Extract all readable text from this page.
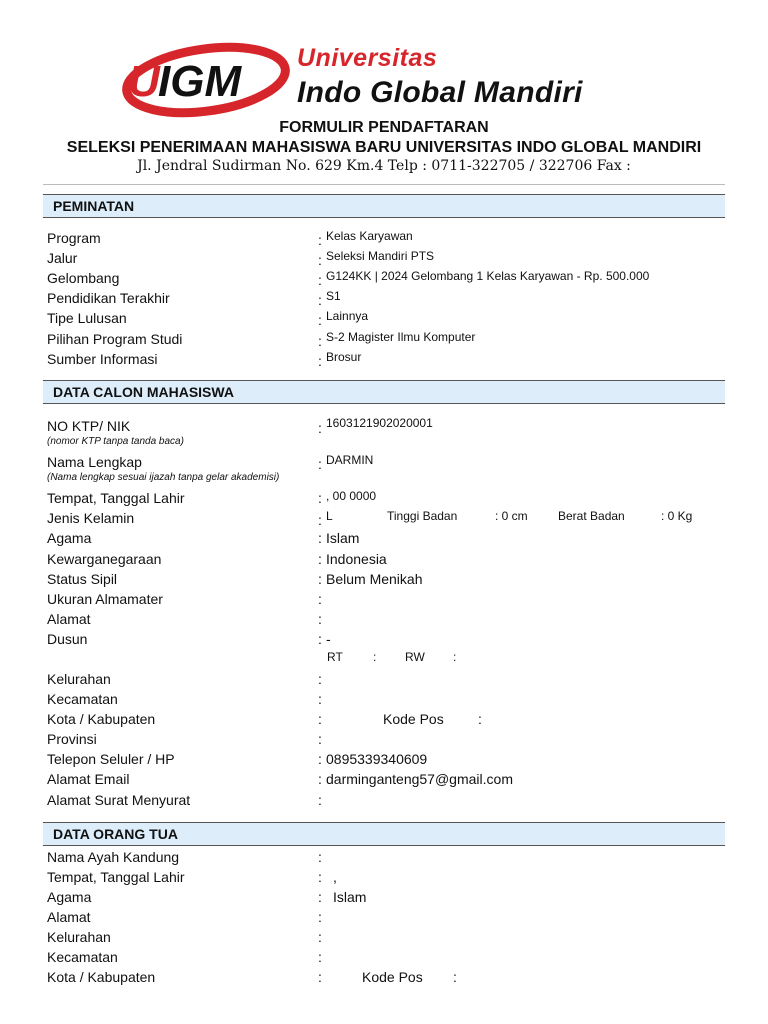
U
IGM Universitas
Indo Global Mandiri
FORMULIR PENDAFTARAN
SELEKSI PENERIMAAN MAHASISWA BARU UNIVERSITAS INDO GLOBAL MANDIRI
Jl. Jendral Sudirman No. 629 Km.4 Telp : 0711-322705 / 322706 Fax :
PEMINATAN
Program	: Kelas Karyawan
Jalur	: Seleksi Mandiri PTS
Gelombang	: G124KK | 2024 Gelombang 1 Kelas Karyawan - Rp. 500.000
Pendidikan Terakhir	: S1
Tipe Lulusan	: Lainnya
Pilihan Program Studi	: S-2 Magister Ilmu Komputer
Sumber Informasi	: Brosur
DATA CALON MAHASISWA
NO KTP/ NIK	: 1603121902020001
(nomor KTP tanpa tanda baca)
Nama Lengkap	: DARMIN
(Nama lengkap sesuai ijazah tanpa gelar akademisi)
Tempat, Tanggal Lahir	: , 00 0000
Jenis Kelamin	: L	Tinggi Badan	: 0 cm	Berat Badan	: 0 Kg
Agama	: Islam
Kewarganegaraan	: Indonesia
Status Sipil	: Belum Menikah
Ukuran Almamater	:
Alamat	:
Dusun	: -
RT	: RW :
Kelurahan	:
Kecamatan	:
Kota / Kabupaten	:	Kode Pos :
Provinsi	:
Telepon Seluler / HP	: 0895339340609
Alamat Email	: darminganteng57@gmail.com
Alamat Surat Menyurat	:
DATA ORANG TUA
Nama Ayah Kandung	:
Tempat, Tanggal Lahir	: ,
Agama	: Islam
Alamat	:
Kelurahan	:
Kecamatan	:
Kota / Kabupaten	:	Kode Pos :
